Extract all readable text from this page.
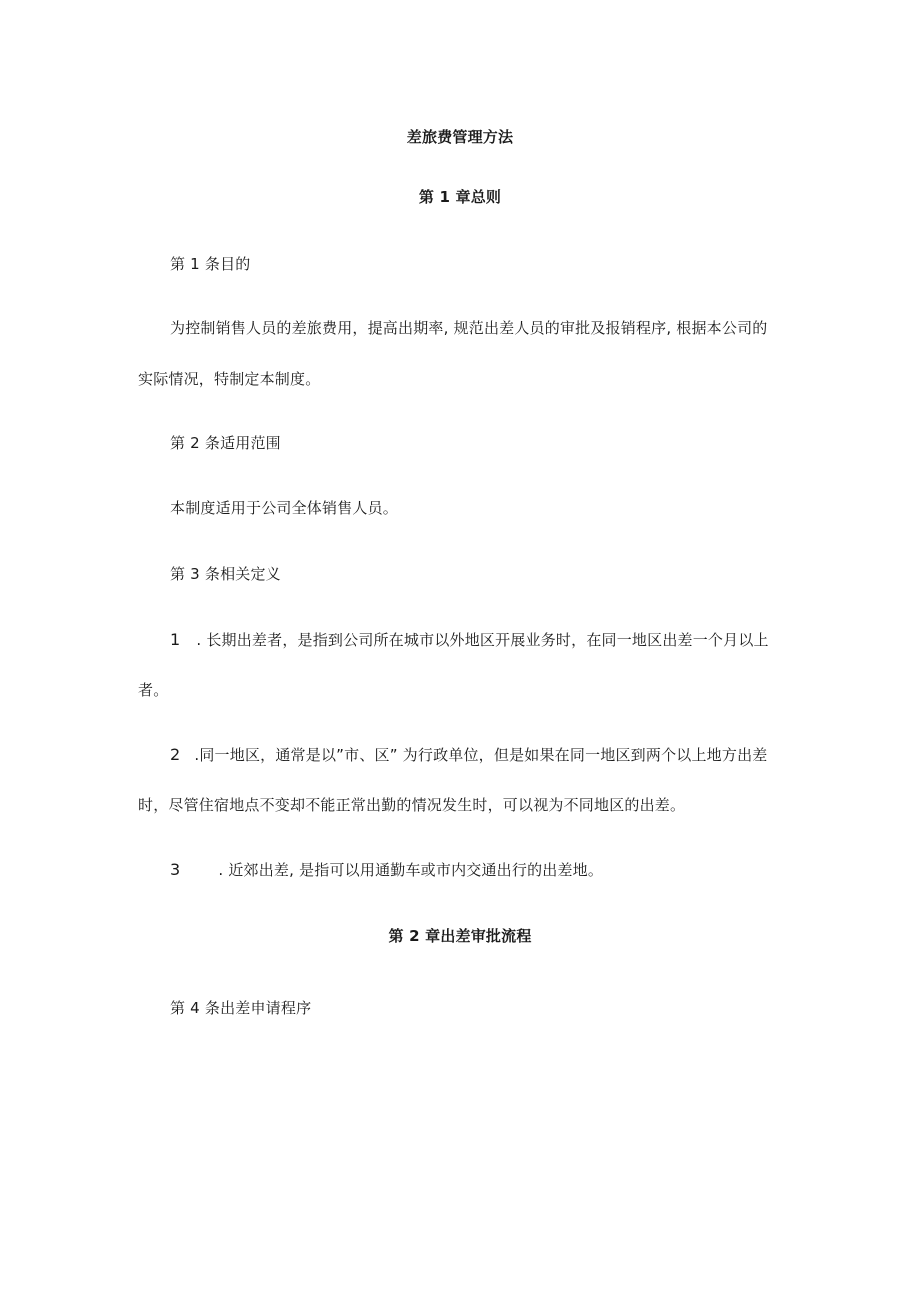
差旅费管理方法
第 1 章总则
第 1 条目的
为控制销售人员的差旅费用，提高出期率, 规范出差人员的审批及报销程序, 根据本公司的
实际情况，特制定本制度。
第 2 条适用范围
本制度适用于公司全体销售人员。
第 3 条相关定义
1 . 长期出差者，是指到公司所在城市以外地区开展业务时，在同一地区出差一个月以上
者。
2 .同一地区，通常是以”市、区” 为行政单位，但是如果在同一地区到两个以上地方出差
时，尽管住宿地点不变却不能正常出勤的情况发生时，可以视为不同地区的出差。
3	. 近郊出差, 是指可以用通勤车或市内交通出行的出差地。
第 2 章出差审批流程
第 4 条出差申请程序
